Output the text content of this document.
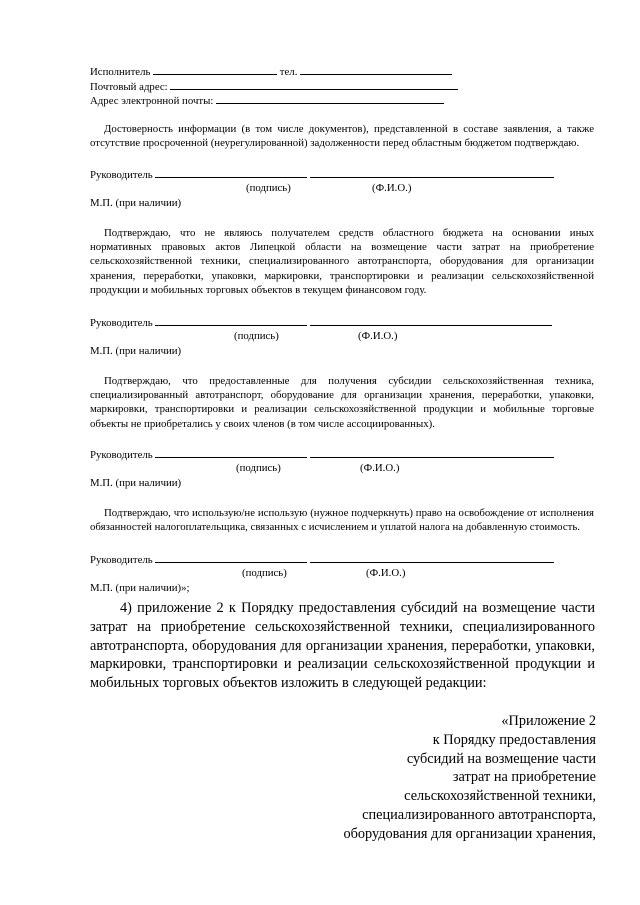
Исполнитель	тел.
Почтовый адрес:
Адрес электронной почты:
Достоверность информации (в том числе документов), представленной в составе заявления, а также отсутствие просроченной (неурегулированной) задолженности перед областным бюджетом подтверждаю.
Руководитель
(подпись)	(Ф.И.О.)
М.П. (при наличии)
Подтверждаю, что не являюсь получателем средств областного бюджета на основании иных нормативных правовых актов Липецкой области на возмещение части затрат на приобретение сельскохозяйственной техники, специализированного автотранспорта, оборудования для организации хранения, переработки, упаковки, маркировки, транспортировки и реализации сельскохозяйственной продукции и мобильных торговых объектов в текущем финансовом году.
Руководитель
(подпись)	(Ф.И.О.)
М.П. (при наличии)
Подтверждаю, что предоставленные для получения субсидии сельскохозяйственная техника, специализированный автотранспорт, оборудование для организации хранения, переработки, упаковки, маркировки, транспортировки и реализации сельскохозяйственной продукции и мобильные торговые объекты не приобретались у своих членов (в том числе ассоциированных).
Руководитель
(подпись)	(Ф.И.О.)
М.П. (при наличии)
Подтверждаю, что использую/не использую (нужное подчеркнуть) право на освобождение от исполнения обязанностей налогоплательщика, связанных с исчислением и уплатой налога на добавленную стоимость.
Руководитель
(подпись)	(Ф.И.О.)
М.П. (при наличии)»;
4) приложение 2 к Порядку предоставления субсидий на возмещение части затрат на приобретение сельскохозяйственной техники, специализированного автотранспорта, оборудования для организации хранения, переработки, упаковки, маркировки, транспортировки и реализации сельскохозяйственной продукции и мобильных торговых объектов изложить в следующей редакции:
«Приложение 2
к Порядку предоставления
субсидий на возмещение части
затрат на приобретение
сельскохозяйственной техники,
специализированного автотранспорта,
оборудования для организации хранения,
